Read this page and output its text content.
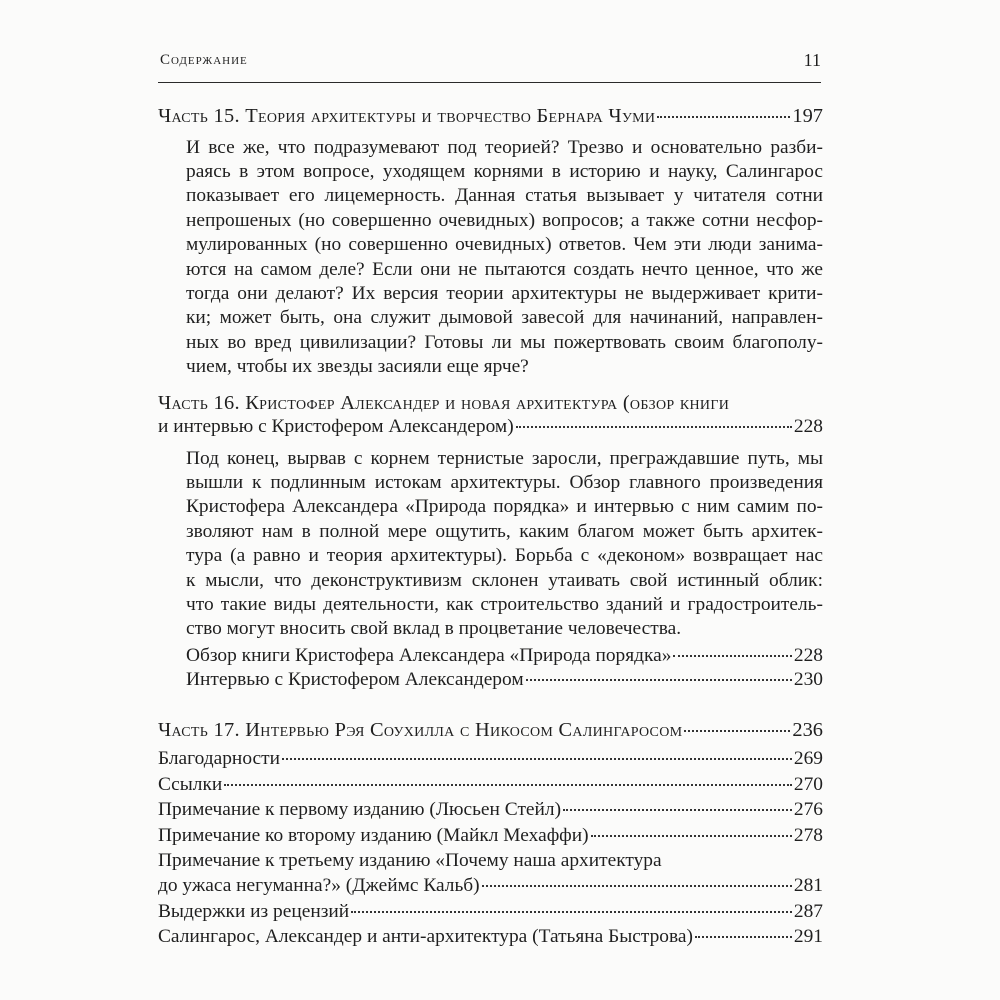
Содержание	11
Часть 15. Теория архитектуры и творчество Бернара Чуми	197
И все же, что подразумевают под теорией? Трезво и основательно разби-
раясь в этом вопросе, уходящем корнями в историю и науку, Салингарос
показывает его лицемерность. Данная статья вызывает у читателя сотни
непрошеных (но совершенно очевидных) вопросов; а также сотни несфор-
мулированных (но совершенно очевидных) ответов. Чем эти люди занима-
ются на самом деле? Если они не пытаются создать нечто ценное, что же
тогда они делают? Их версия теории архитектуры не выдерживает крити-
ки; может быть, она служит дымовой завесой для начинаний, направлен-
ных во вред цивилизации? Готовы ли мы пожертвовать своим благополу-
чием, чтобы их звезды засияли еще ярче?
Часть 16. Кристофер Александер и новая архитектура (обзор книги
и интервью с Кристофером Александером)	228
Под конец, вырвав с корнем тернистые заросли, преграждавшие путь, мы
вышли к подлинным истокам архитектуры. Обзор главного произведения
Кристофера Александера «Природа порядка» и интервью с ним самим по-
зволяют нам в полной мере ощутить, каким благом может быть архитек-
тура (а равно и теория архитектуры). Борьба с «деконом» возвращает нас
к мысли, что деконструктивизм склонен утаивать свой истинный облик:
что такие виды деятельности, как строительство зданий и градостроитель-
ство могут вносить свой вклад в процветание человечества.
Обзор книги Кристофера Александера «Природа порядка»	228
Интервью с Кристофером Александером	230
Часть 17. Интервью Рэя Соухилла с Никосом Салингаросом	236
Благодарности	269
Ссылки	270
Примечание к первому изданию (Люсьен Стейл)	276
Примечание ко второму изданию (Майкл Мехаффи)	278
Примечание к третьему изданию «Почему наша архитектура
до ужаса негуманна?» (Джеймс Кальб)	281
Выдержки из рецензий	287
Салингарос, Александер и анти-архитектура (Татьяна Быстрова)	291
